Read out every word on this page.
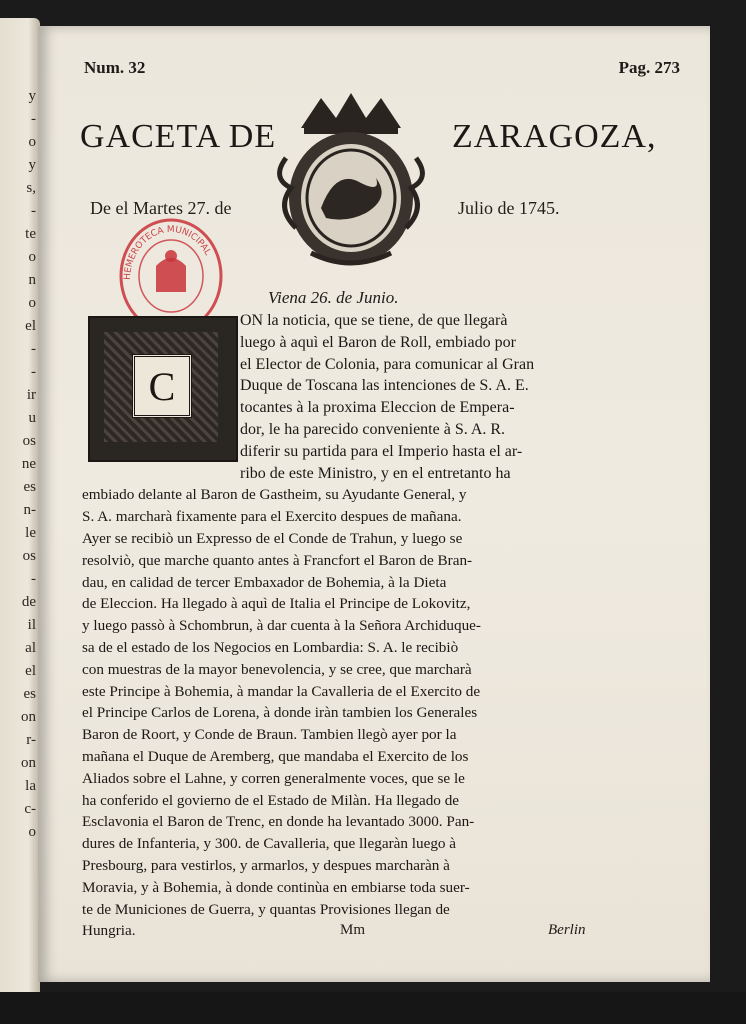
y
-
o
y
s,
-
te
o
n
o
el
-
-
ir
u
os
ne
es
n-
le
os
-
de
il
al
el
es
on
r-
on
la
c-
o
Num. 32	Pag. 273
GACETA DE	ZARAGOZA,
De el Martes 27. de	Julio de 1745.
HEMEROTECA MUNICIPAL
Viena 26. de Junio.
C
ON la noticia, que se tiene, de que llegarà
luego à aquì el Baron de Roll, embiado por
el Elector de Colonia, para comunicar al Gran
Duque de Toscana las intenciones de S. A. E.
tocantes à la proxima Eleccion de Empera-
dor, le ha parecido conveniente à S. A. R.
diferir su partida para el Imperio hasta el ar-
ribo de este Ministro, y en el entretanto ha
embiado delante al Baron de Gastheim, su Ayudante General, y
S. A. marcharà fixamente para el Exercito despues de mañana.
Ayer se recibiò un Expresso de el Conde de Trahun, y luego se
resolviò, que marche quanto antes à Francfort el Baron de Bran-
dau, en calidad de tercer Embaxador de Bohemia, à la Dieta
de Eleccion. Ha llegado à aquì de Italia el Principe de Lokovitz,
y luego passò à Schombrun, à dar cuenta à la Señora Archiduque-
sa de el estado de los Negocios en Lombardia: S. A. le recibiò
con muestras de la mayor benevolencia, y se cree, que marcharà
este Principe à Bohemia, à mandar la Cavalleria de el Exercito de
el Principe Carlos de Lorena, à donde iràn tambien los Generales
Baron de Roort, y Conde de Braun. Tambien llegò ayer por la
mañana el Duque de Aremberg, que mandaba el Exercito de los
Aliados sobre el Lahne, y corren generalmente voces, que se le
ha conferido el govierno de el Estado de Milàn. Ha llegado de
Esclavonia el Baron de Trenc, en donde ha levantado 3000. Pan-
dures de Infanteria, y 300. de Cavalleria, que llegaràn luego à
Presbourg, para vestirlos, y armarlos, y despues marcharàn à
Moravia, y à Bohemia, à donde continùa en embiarse toda suer-
te de Municiones de Guerra, y quantas Provisiones llegan de
Hungria.	Mm	Berlin
